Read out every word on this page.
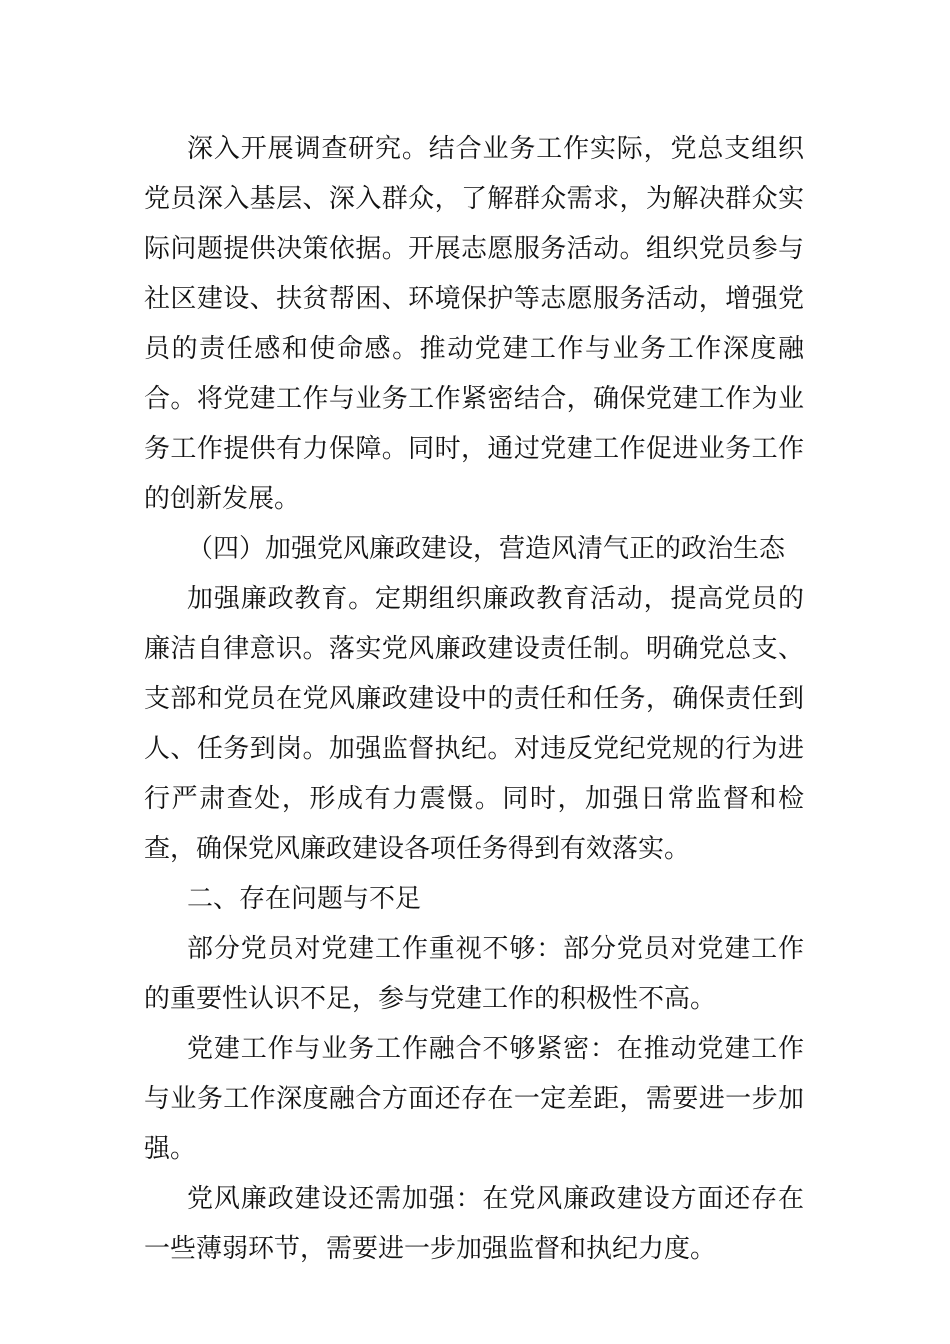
深入开展调查研究。结合业务工作实际，党总支组织党员深入基层、深入群众，了解群众需求，为解决群众实际问题提供决策依据。开展志愿服务活动。组织党员参与社区建设、扶贫帮困、环境保护等志愿服务活动，增强党员的责任感和使命感。推动党建工作与业务工作深度融合。将党建工作与业务工作紧密结合，确保党建工作为业务工作提供有力保障。同时，通过党建工作促进业务工作的创新发展。

（四）加强党风廉政建设，营造风清气正的政治生态

加强廉政教育。定期组织廉政教育活动，提高党员的廉洁自律意识。落实党风廉政建设责任制。明确党总支、支部和党员在党风廉政建设中的责任和任务，确保责任到人、任务到岗。加强监督执纪。对违反党纪党规的行为进行严肃查处，形成有力震慑。同时，加强日常监督和检查，确保党风廉政建设各项任务得到有效落实。

二、存在问题与不足

部分党员对党建工作重视不够：部分党员对党建工作的重要性认识不足，参与党建工作的积极性不高。

党建工作与业务工作融合不够紧密：在推动党建工作与业务工作深度融合方面还存在一定差距，需要进一步加强。

党风廉政建设还需加强：在党风廉政建设方面还存在一些薄弱环节，需要进一步加强监督和执纪力度。
